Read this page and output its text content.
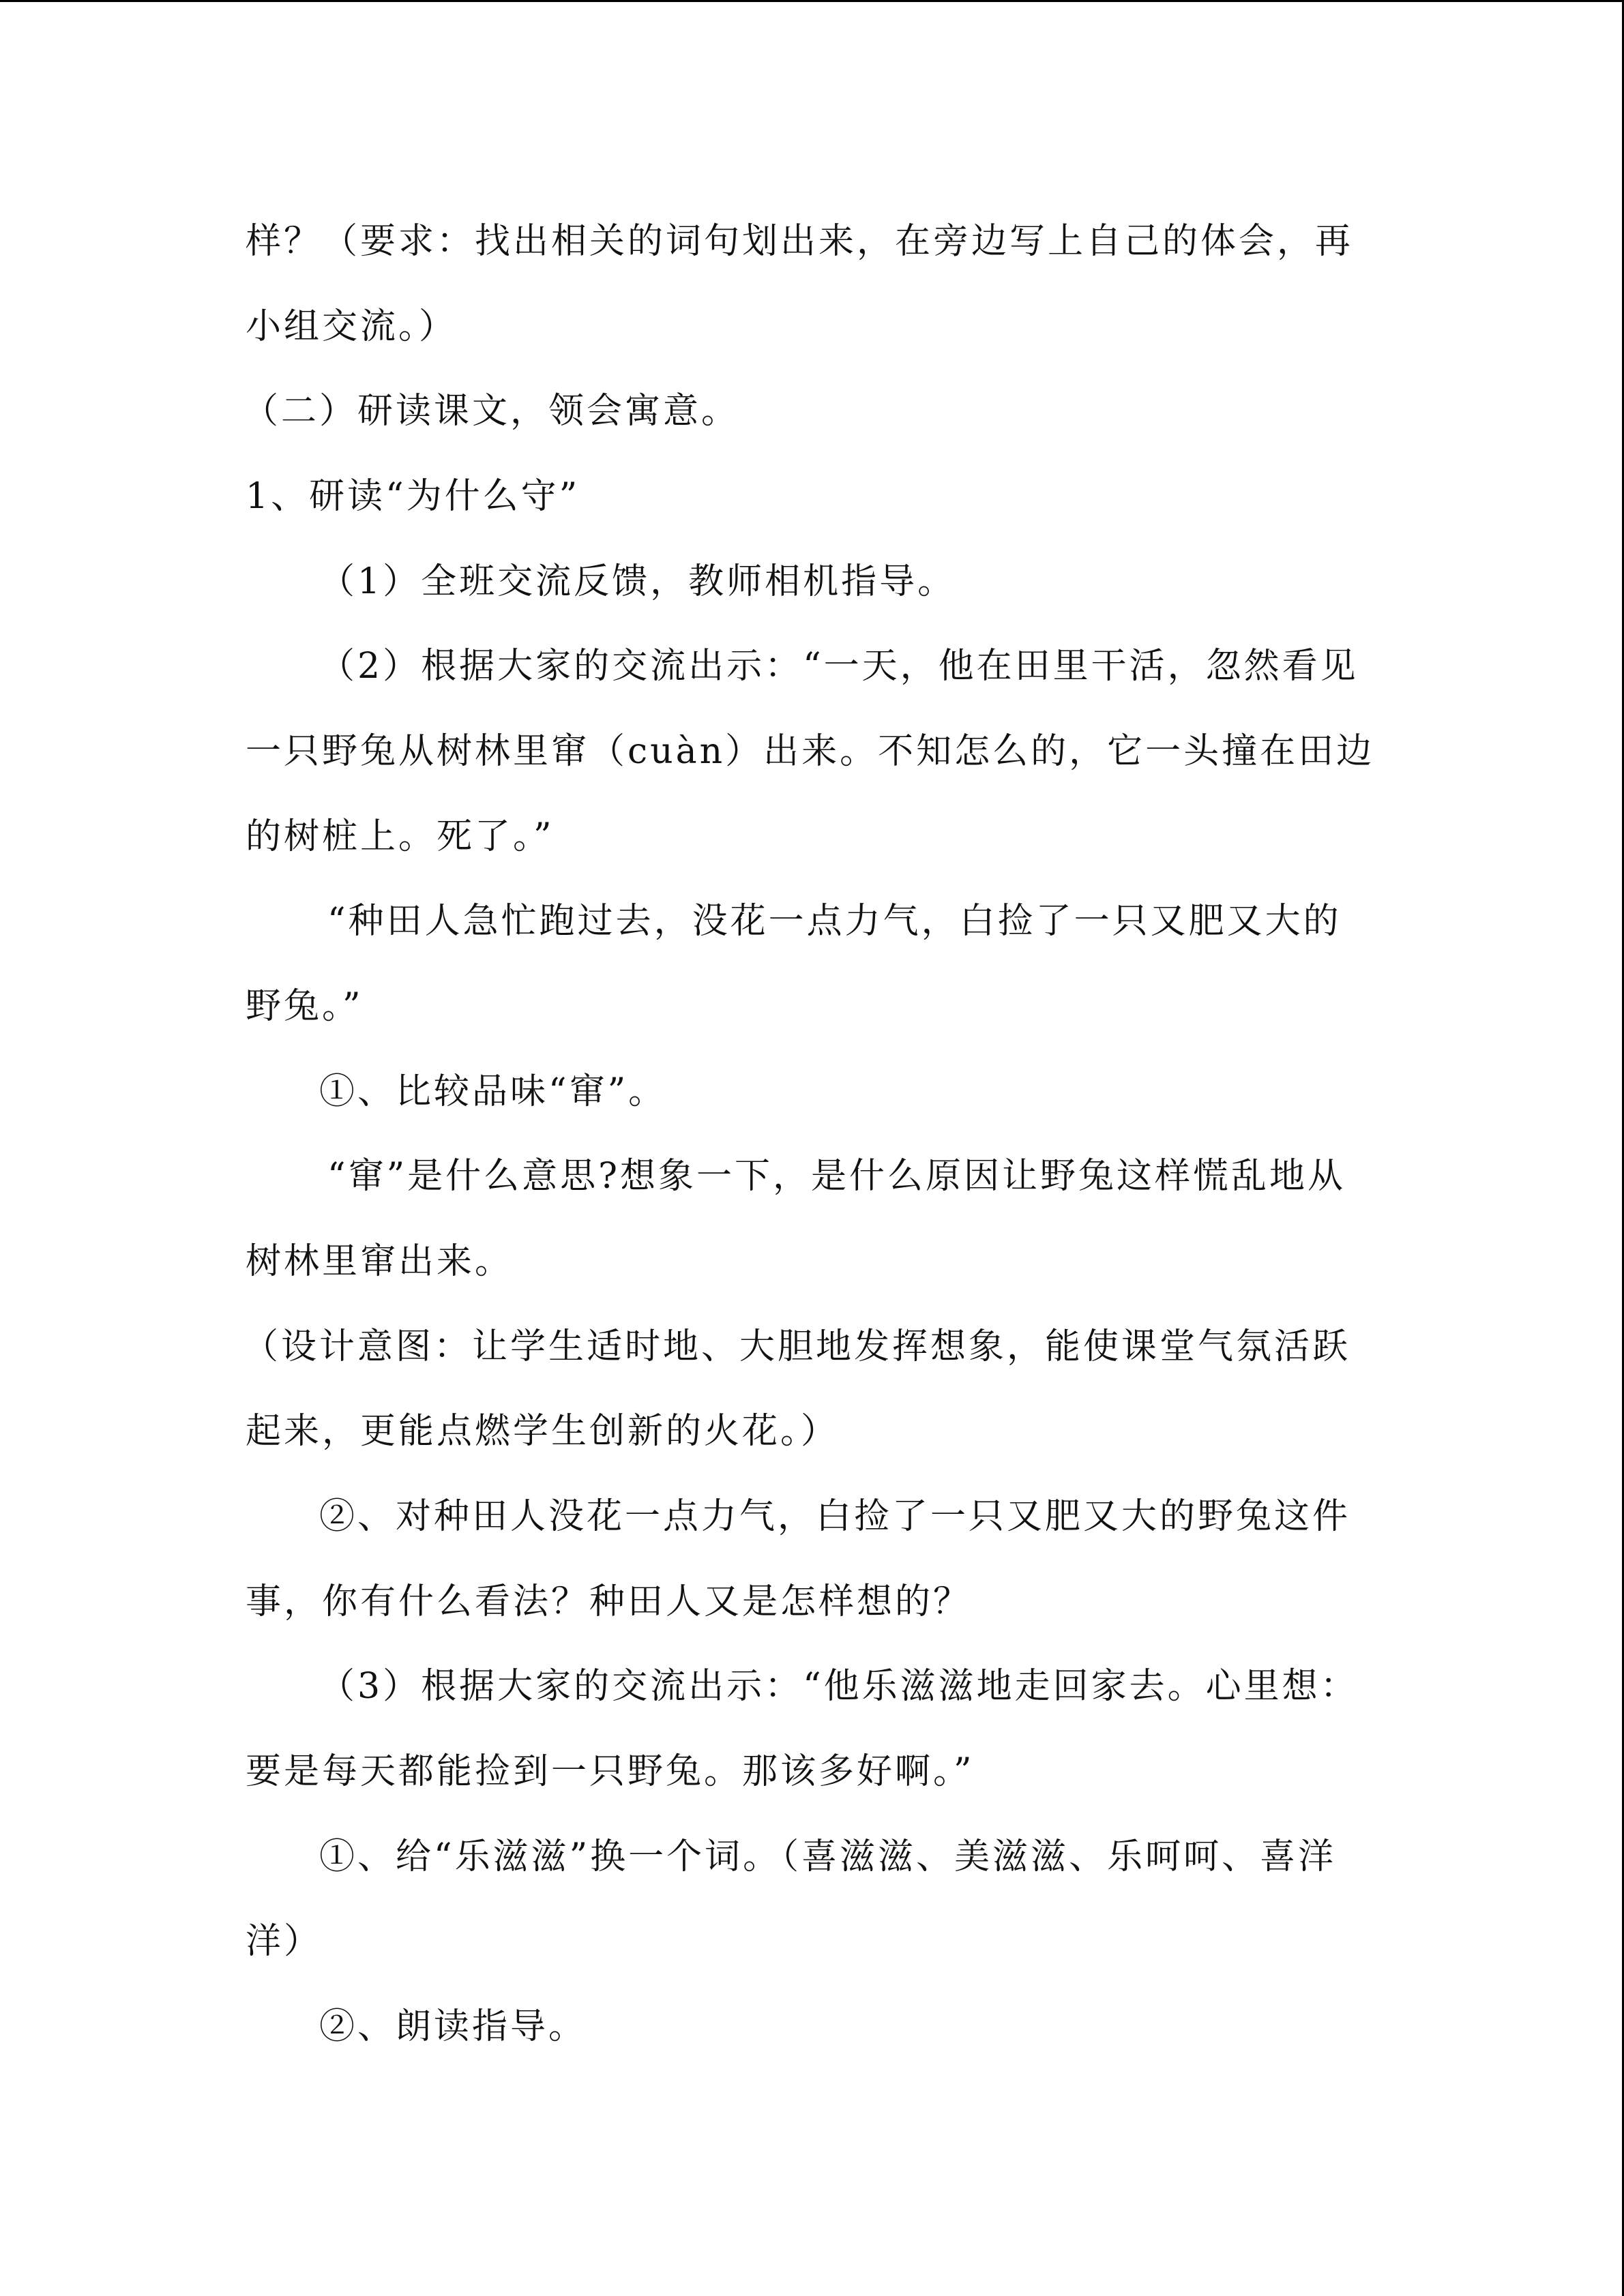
样？（要求：找出相关的词句划出来，在旁边写上自己的体会，再
小组交流。）
（二）研读课文，领会寓意。
1、研读“为什么守”
（1）全班交流反馈，教师相机指导。
（2）根据大家的交流出示：“一天，他在田里干活，忽然看见
一只野兔从树林里窜（cuàn）出来。不知怎么的，它一头撞在田边
的树桩上。死了。”
“种田人急忙跑过去，没花一点力气，白捡了一只又肥又大的
野兔。”
①、比较品味“窜”。
“窜”是什么意思?想象一下，是什么原因让野兔这样慌乱地从
树林里窜出来。
（设计意图：让学生适时地、大胆地发挥想象，能使课堂气氛活跃
起来，更能点燃学生创新的火花。）
②、对种田人没花一点力气，白捡了一只又肥又大的野兔这件
事，你有什么看法？种田人又是怎样想的？
（3）根据大家的交流出示：“他乐滋滋地走回家去。心里想：
要是每天都能捡到一只野兔。那该多好啊。”
①、给“乐滋滋”换一个词。（喜滋滋、美滋滋、乐呵呵、喜洋
洋）
②、朗读指导。
